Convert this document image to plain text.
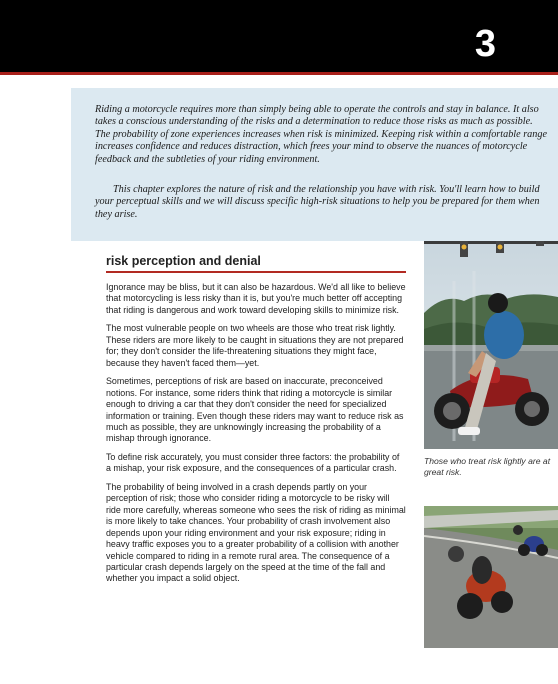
3

Riding a motorcycle requires more than simply being able to operate the controls and stay in balance. It also takes a conscious understanding of the risks and a determination to reduce those risks as much as possible. The probability of zone experiences increases when risk is minimized. Keeping risk within a comfortable range increases confidence and reduces distraction, which frees your mind to observe the nuances of motorcycle feedback and the subtleties of your riding environment.

This chapter explores the nature of risk and the relationship you have with risk. You'll learn how to build your perceptual skills and we will discuss specific high-risk situations to help you be prepared for them when they arise.

Those who treat risk lightly are at great risk.
risk perception and denial

Ignorance may be bliss, but it can also be hazardous. We'd all like to believe that motorcycling is less risky than it is, but you're much better off accepting that riding is dangerous and work toward developing skills to minimize risk.

The most vulnerable people on two wheels are those who treat risk lightly. These riders are more likely to be caught in situations they are not prepared for; they don't consider the life-threatening situations they might face, because they haven't faced them—yet.

Sometimes, perceptions of risk are based on inaccurate, preconceived notions. For instance, some riders think that riding a motorcycle is similar enough to driving a car that they don't consider the need for specialized information or training. Even though these riders may want to reduce risk as much as possible, they are unknowingly increasing the probability of a mishap through ignorance.

To define risk accurately, you must consider three factors: the probability of a mishap, your risk exposure, and the consequences of a particular crash.

The probability of being involved in a crash depends partly on your perception of risk; those who consider riding a motorcycle to be risky will ride more carefully, whereas someone who sees the risk of riding as minimal is more likely to take chances. Your probability of crash involvement also depends upon your riding environment and your risk exposure; riding in heavy traffic exposes you to a greater probability of a collision with another vehicle compared to riding in a remote rural area. The consequence of a particular crash depends largely on the speed at the time of the fall and whether you impact a solid object.
